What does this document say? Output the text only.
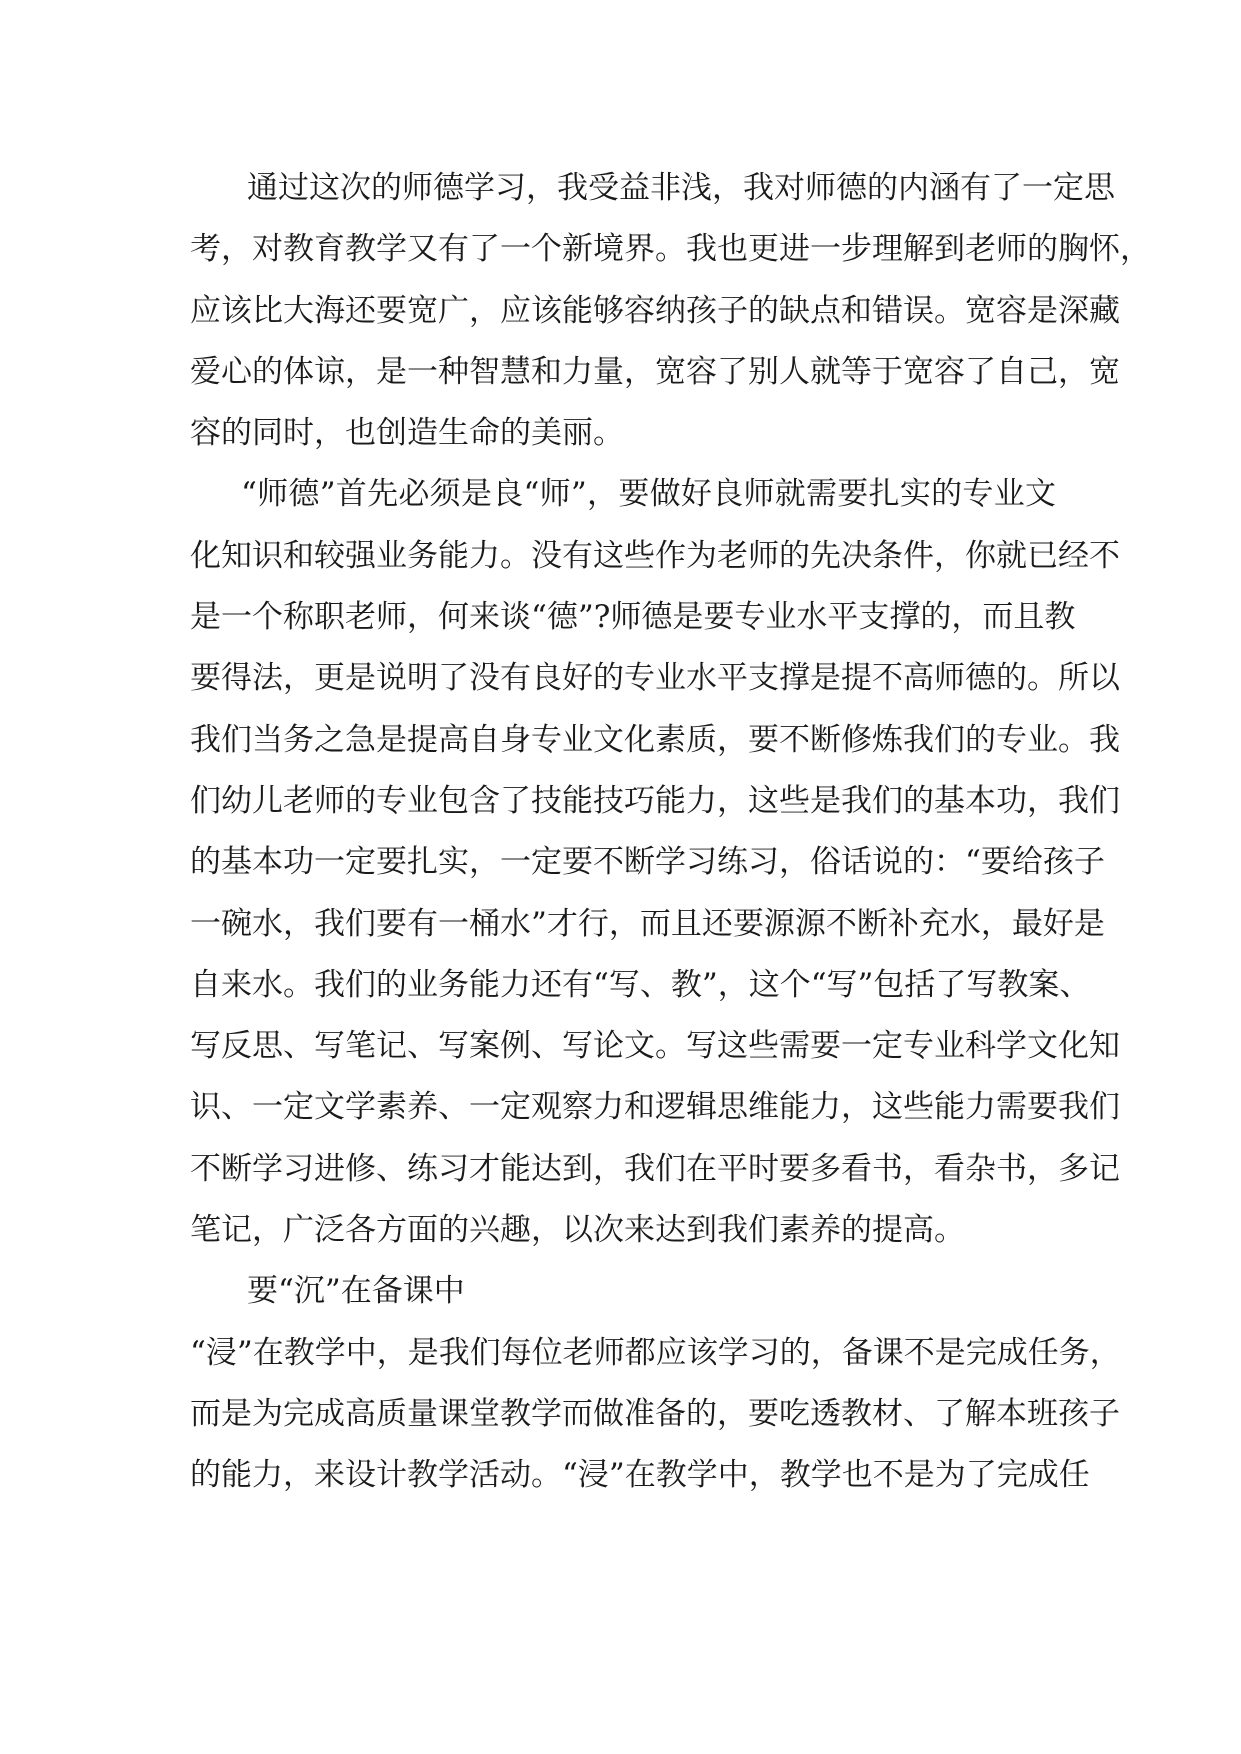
通过这次的师德学习，我受益非浅，我对师德的内涵有了一定思
考，对教育教学又有了一个新境界。我也更进一步理解到老师的胸怀，
应该比大海还要宽广，应该能够容纳孩子的缺点和错误。宽容是深藏
爱心的体谅，是一种智慧和力量，宽容了别人就等于宽容了自己，宽
容的同时，也创造生命的美丽。
“师德”首先必须是良“师”，要做好良师就需要扎实的专业文
化知识和较强业务能力。没有这些作为老师的先决条件，你就已经不
是一个称职老师，何来谈“德”?师德是要专业水平支撑的，而且教
要得法，更是说明了没有良好的专业水平支撑是提不高师德的。所以
我们当务之急是提高自身专业文化素质，要不断修炼我们的专业。我
们幼儿老师的专业包含了技能技巧能力，这些是我们的基本功，我们
的基本功一定要扎实，一定要不断学习练习，俗话说的：“要给孩子
一碗水，我们要有一桶水”才行，而且还要源源不断补充水，最好是
自来水。我们的业务能力还有“写、教”，这个“写”包括了写教案、
写反思、写笔记、写案例、写论文。写这些需要一定专业科学文化知
识、一定文学素养、一定观察力和逻辑思维能力，这些能力需要我们
不断学习进修、练习才能达到，我们在平时要多看书，看杂书，多记
笔记，广泛各方面的兴趣，以次来达到我们素养的提高。
要“沉”在备课中
“浸”在教学中，是我们每位老师都应该学习的，备课不是完成任务，
而是为完成高质量课堂教学而做准备的，要吃透教材、了解本班孩子
的能力，来设计教学活动。“浸”在教学中，教学也不是为了完成任
